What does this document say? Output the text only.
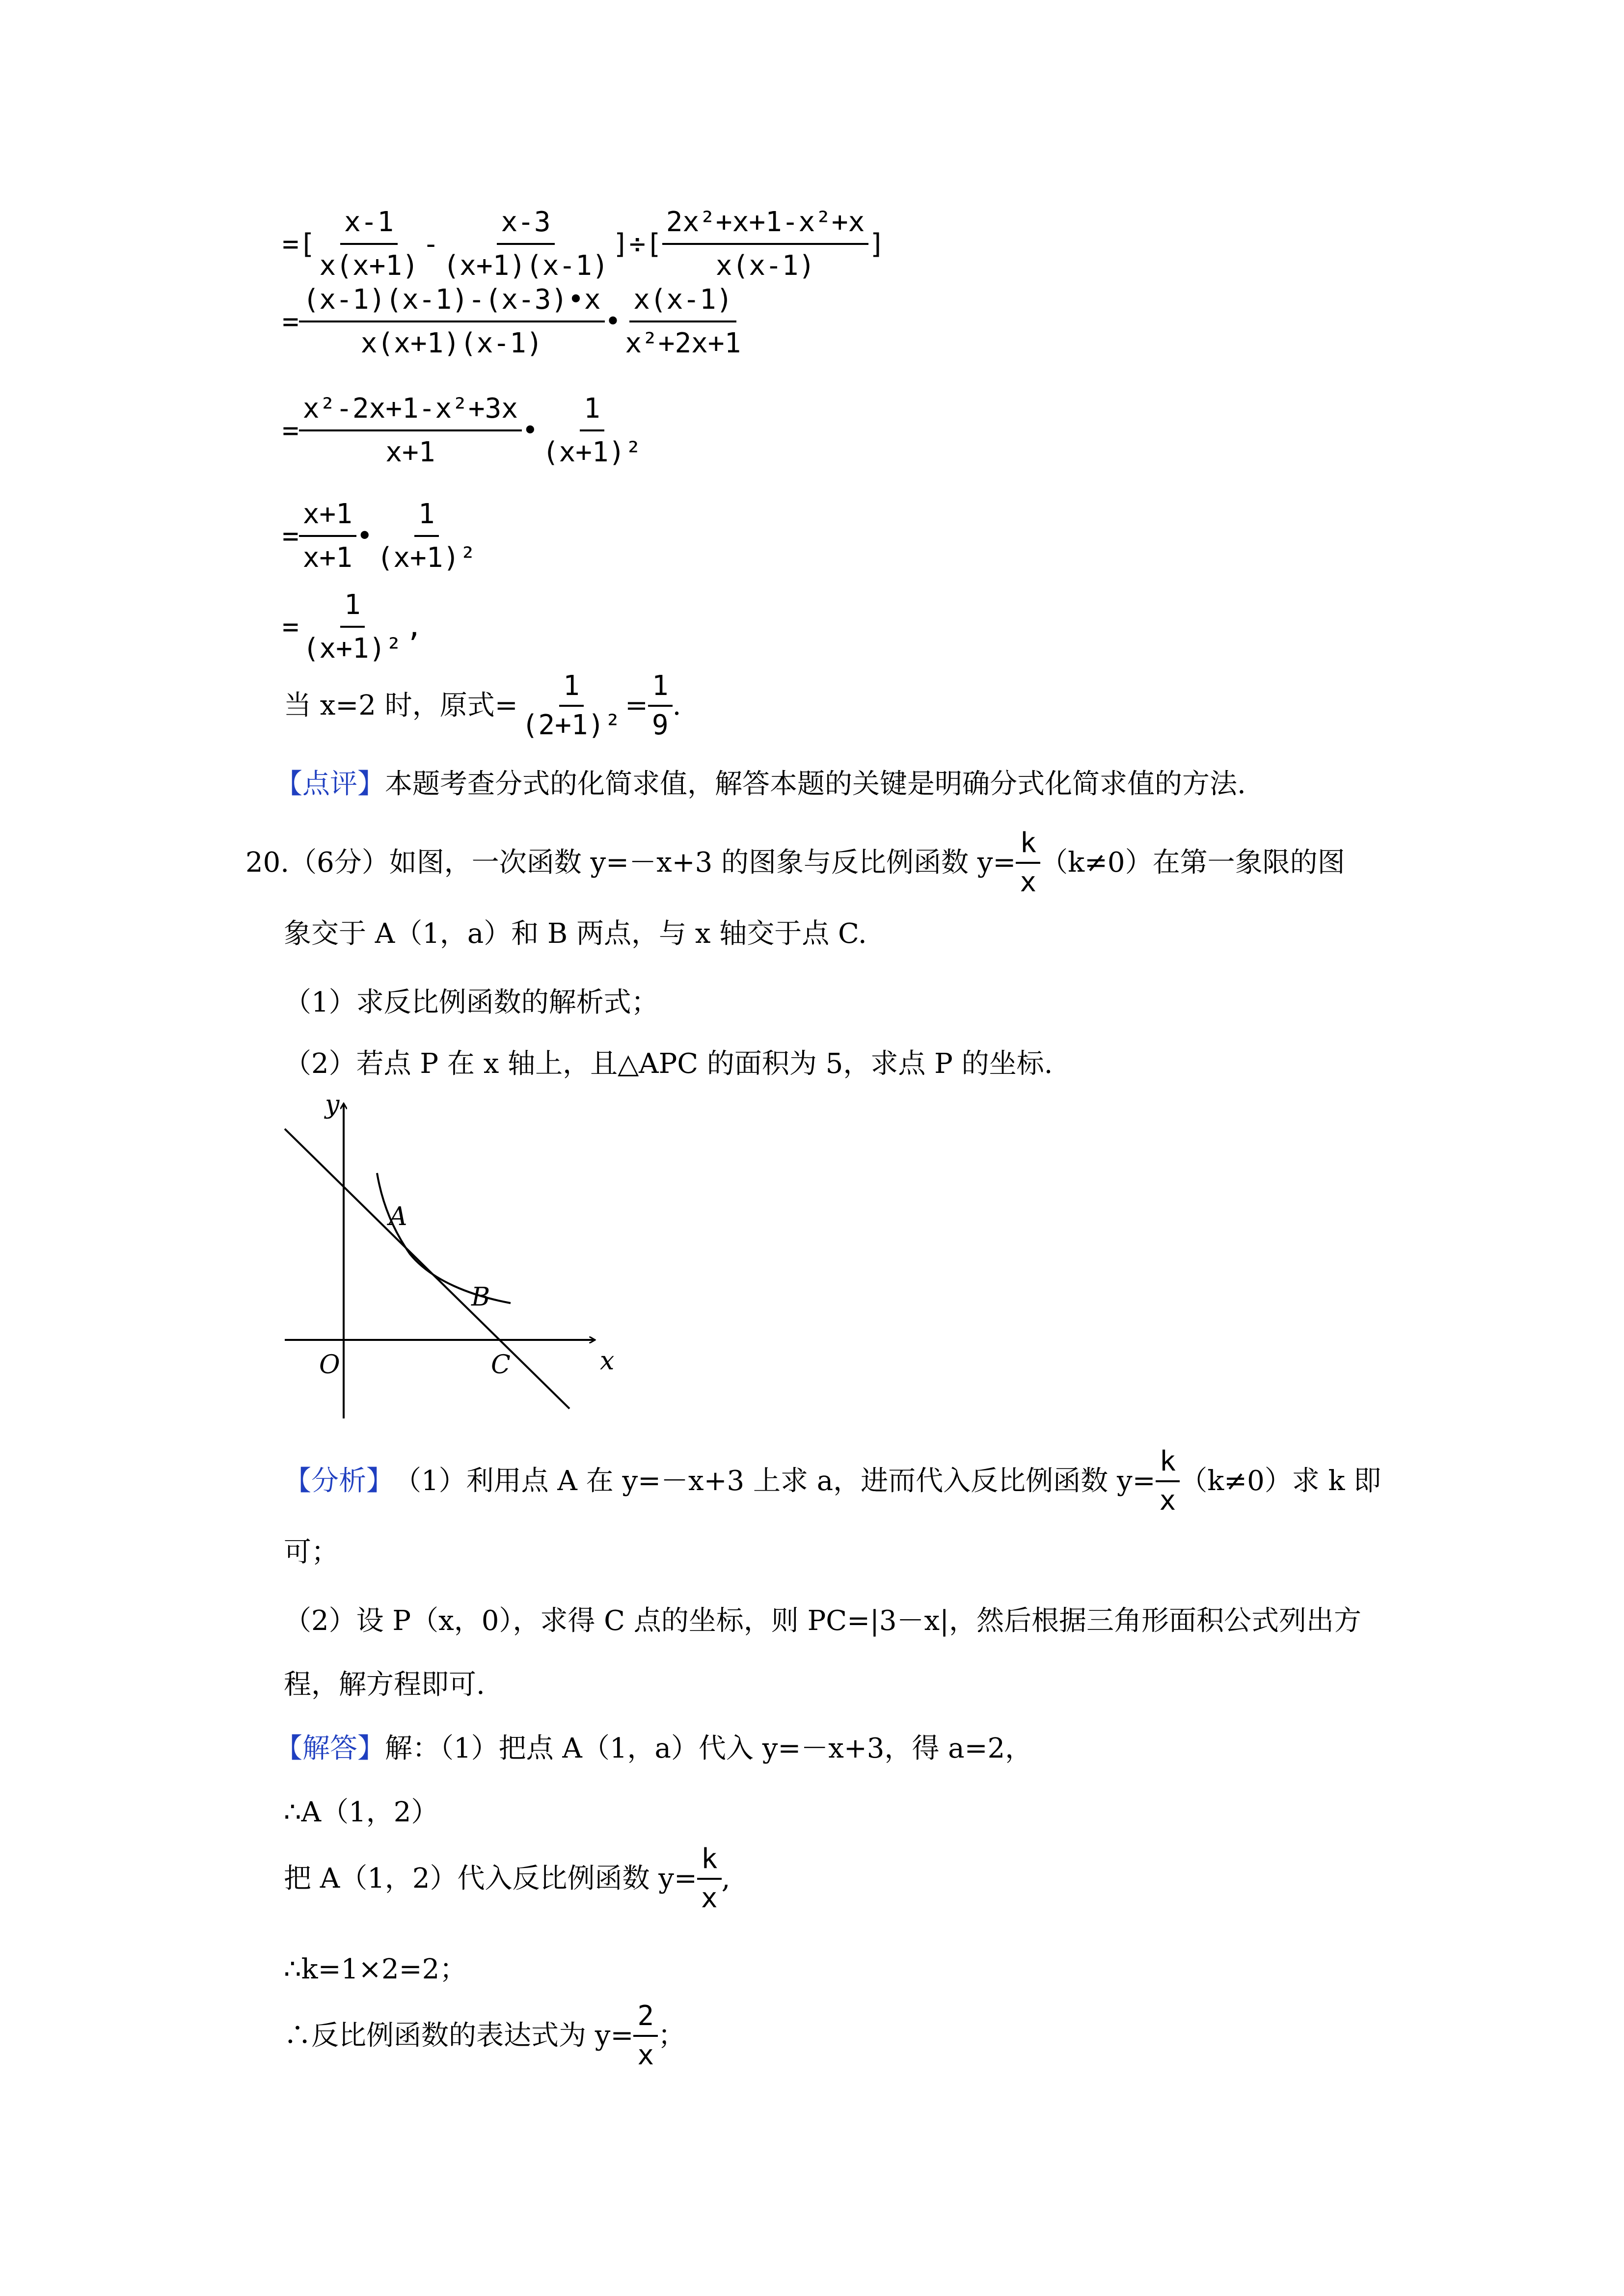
=[ $\frac{x-1}{x(x+1)} - \frac{x-3}{(x+1)(x-1)}$ ]÷[ $\frac{\text{2x²+x+1-x²+x}}{x(x-1)}$ ]
= $\frac{(x-1)(x-1)-(x-3)•x}{x(x+1)(x-1)}$ • $\frac{x(x-1)}{\text{x²+2x+1}}$
= $\frac{\text{x²-2x+1-x²+3x}}{x+1}$ • $\frac{1}{\text{(x+1)²}}$
= $\frac{x+1}{x+1}$ • $\frac{1}{\text{(x+1)²}}$
= $\frac{1}{\text{(x+1)²}}$ ,
当 x=2 时，原式= $\frac{1}{\text{(2+1)²}} = \frac{1}{9}$ .
【点评】本题考查分式的化简求值，解答本题的关键是明确分式化简求值的方法.
20. （6分） 如图，一次函数 y=－x+3 的图象与反比例函数 $y= \frac{k}{x} (k\ne 0)$在第一象限的图
象交于 A（1，a）和 B 两点，与 x 轴交于点 C.
（1）求反比例函数的解析式；
（2）若点 P 在 x 轴上，且△APC 的面积为 5，求点 P 的坐标.
y
x
O
A
B
C
【分析】 （1）利用点 A 在 y=－x+3 上求 a，进而代入反比例函数 $y= \frac{k}{x} (k\ne 0)$求 k 即
可；
（2）设 P（x，0），求得 C 点的坐标，则 PC=|3－x|，然后根据三角形面积公式列出方
程，解方程即可.
【解答】解：（1）把点 A（1，a）代入 y=－x+3，得 a=2，
∴A（1，2）
把 A（1，2）代入反比例函数 $y= \frac{k}{x}$ ,
∴k=1×2=2；
∴反比例函数的表达式为 $y= \frac{2}{x}$ ；
